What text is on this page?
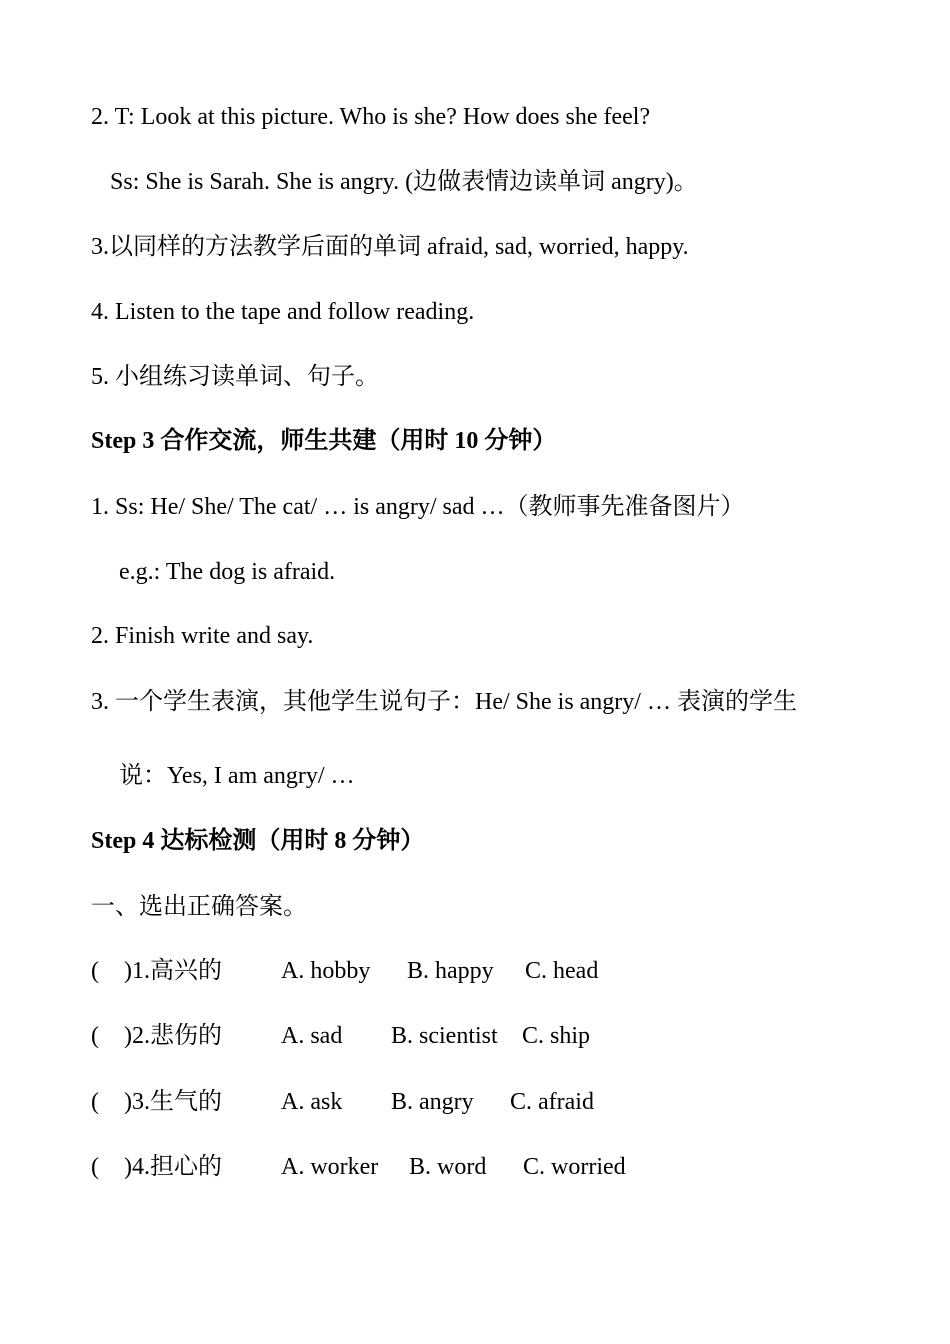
2. T: Look at this picture. Who is she? How does she feel?
Ss: She is Sarah. She is angry. (边做表情边读单词 angry)。
3.以同样的方法教学后面的单词 afraid, sad, worried, happy.
4. Listen to the tape and follow reading.
5. 小组练习读单词、句子。
Step 3 合作交流，师生共建（用时 10 分钟）
1. Ss: He/ She/ The cat/ … is angry/ sad …（教师事先准备图片）
e.g.: The dog is afraid.
2. Finish write and say.
3. 一个学生表演，其他学生说句子：He/ She is angry/ … 表演的学生
说：Yes, I am angry/ …
Step 4 达标检测（用时 8 分钟）
一、选出正确答案。
( )1.高兴的 A. hobby B. happy C. head
( )2.悲伤的 A. sad B. scientist C. ship
( )3.生气的 A. ask B. angry C. afraid
( )4.担心的 A. worker B. word C. worried
